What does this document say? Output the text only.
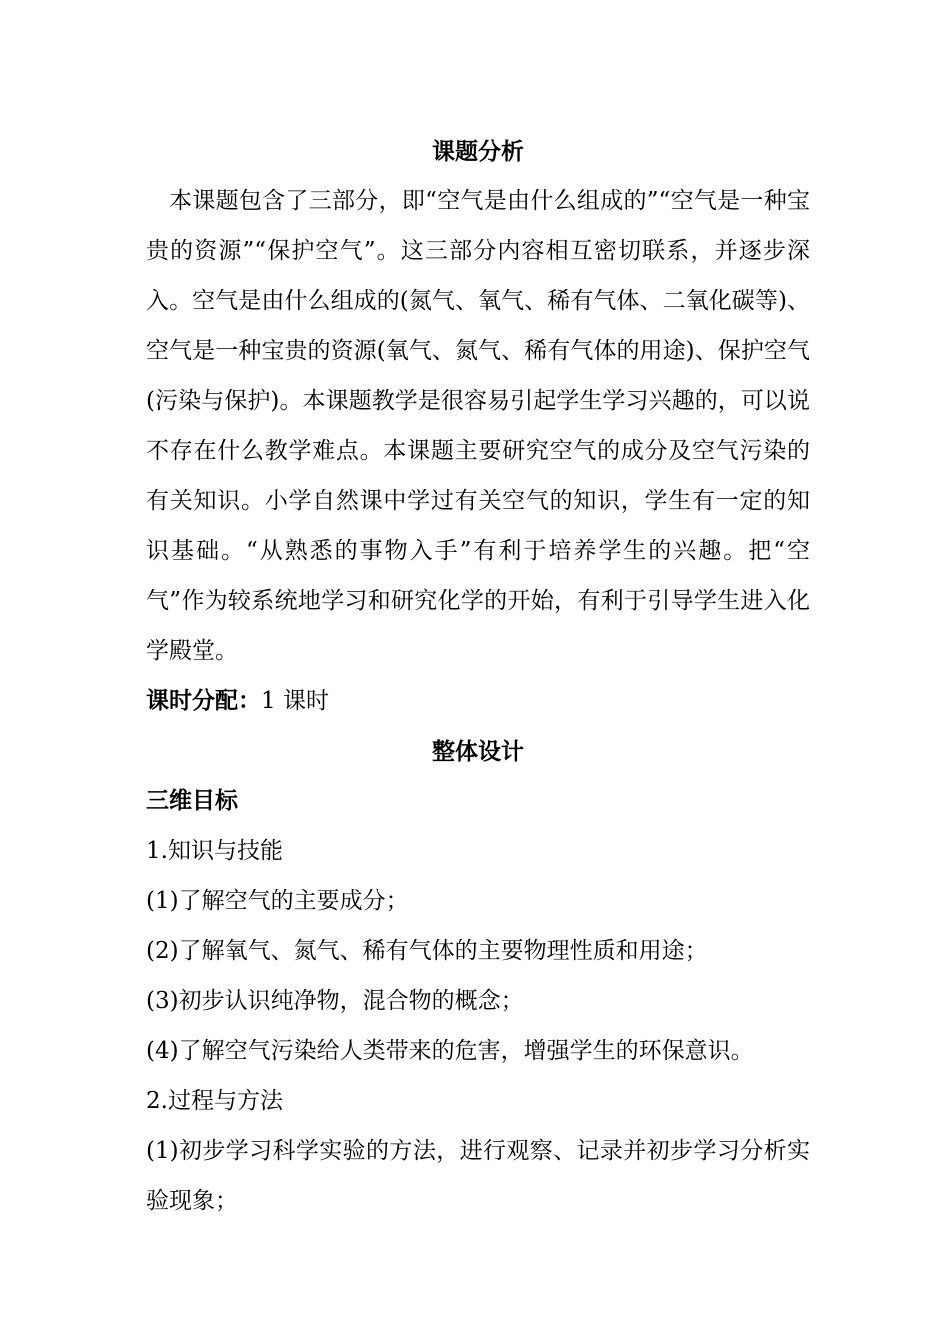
课题分析

本课题包含了三部分，即“空气是由什么组成的”“空气是一种宝贵的资源”“保护空气”。这三部分内容相互密切联系，并逐步深入。空气是由什么组成的(氮气、氧气、稀有气体、二氧化碳等)、空气是一种宝贵的资源(氧气、氮气、稀有气体的用途)、保护空气(污染与保护)。本课题教学是很容易引起学生学习兴趣的，可以说不存在什么教学难点。本课题主要研究空气的成分及空气污染的有关知识。小学自然课中学过有关空气的知识，学生有一定的知识基础。“从熟悉的事物入手”有利于培养学生的兴趣。把“空气”作为较系统地学习和研究化学的开始，有利于引导学生进入化学殿堂。

课时分配：1 课时

整体设计

三维目标

1.知识与技能

(1)了解空气的主要成分；

(2)了解氧气、氮气、稀有气体的主要物理性质和用途；

(3)初步认识纯净物，混合物的概念；

(4)了解空气污染给人类带来的危害，增强学生的环保意识。

2.过程与方法

(1)初步学习科学实验的方法，进行观察、记录并初步学习分析实验现象；
